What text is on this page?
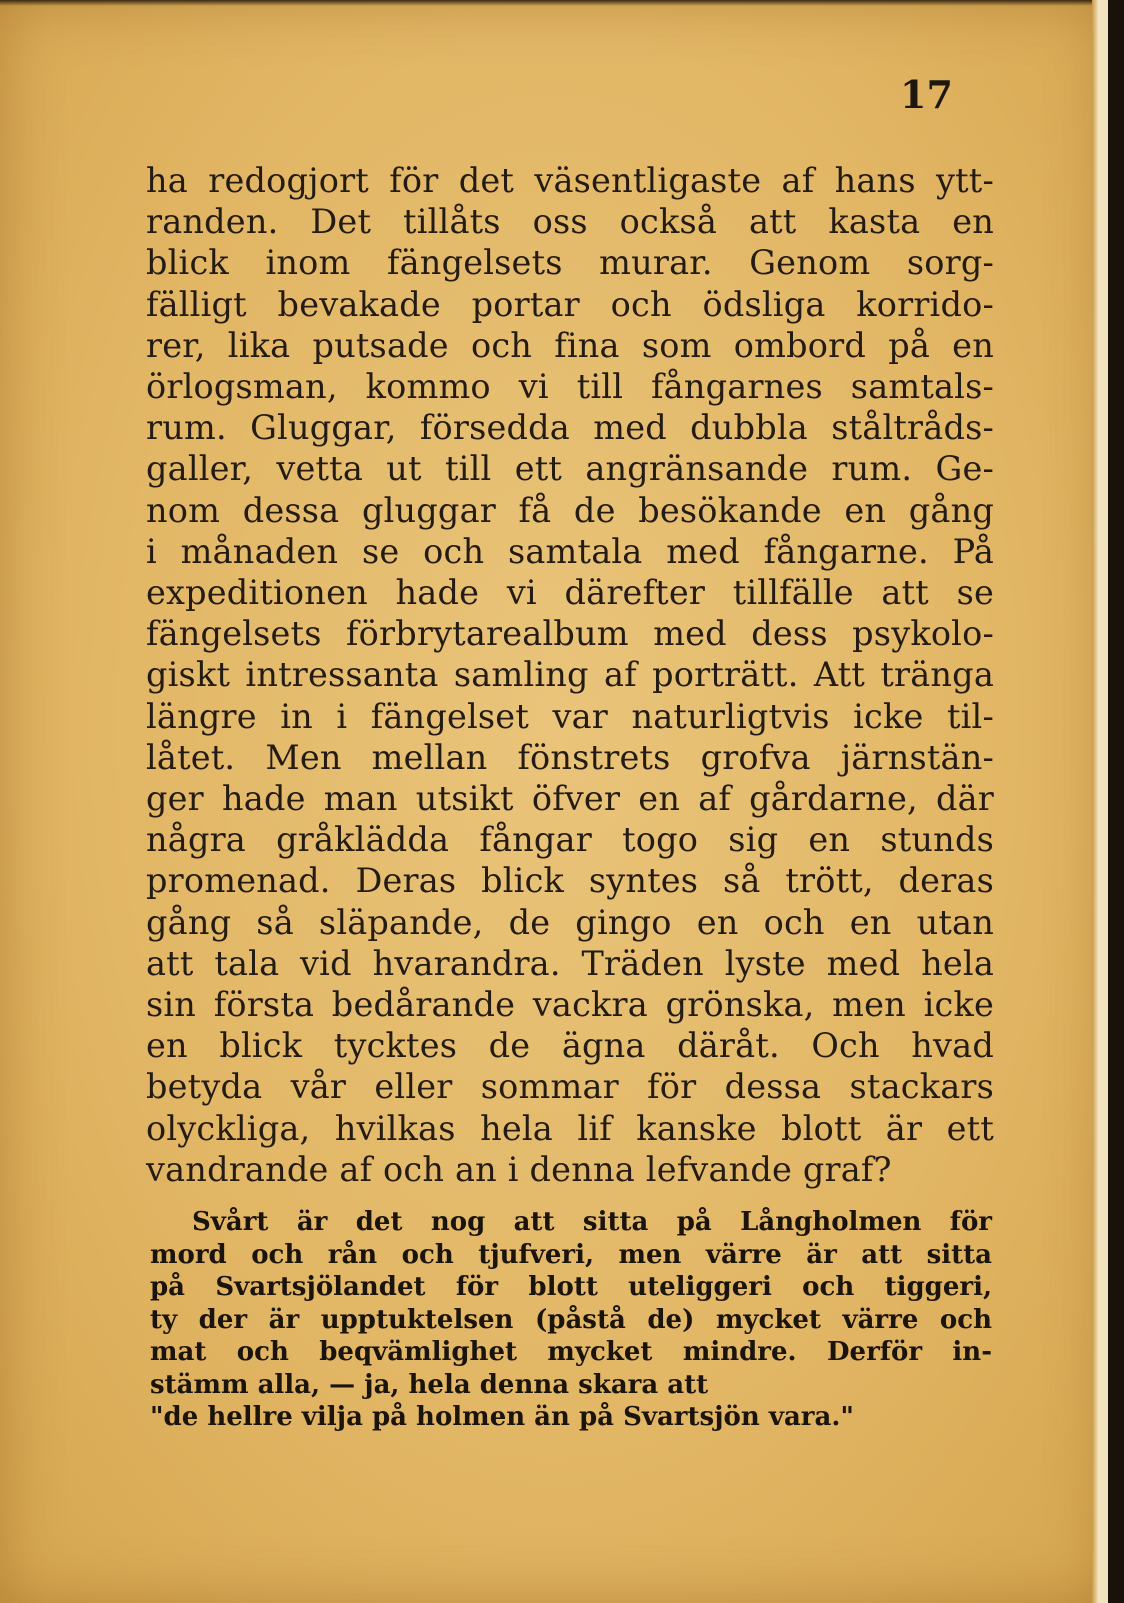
17

ha redogjort för det väsentligaste af hans ytt-
randen. Det tillåts oss också att kasta en
blick inom fängelsets murar. Genom sorg-
fälligt bevakade portar och ödsliga korrido-
rer, lika putsade och fina som ombord på en
örlogsman, kommo vi till fångarnes samtals-
rum. Gluggar, försedda med dubbla ståltråds-
galler, vetta ut till ett angränsande rum. Ge-
nom dessa gluggar få de besökande en gång
i månaden se och samtala med fångarne. På
expeditionen hade vi därefter tillfälle att se
fängelsets förbrytarealbum med dess psykolo-
giskt intressanta samling af porträtt. Att tränga
längre in i fängelset var naturligtvis icke til-
låtet. Men mellan fönstrets grofva järnstän-
ger hade man utsikt öfver en af gårdarne, där
några gråklädda fångar togo sig en stunds
promenad. Deras blick syntes så trött, deras
gång så släpande, de gingo en och en utan
att tala vid hvarandra. Träden lyste med hela
sin första bedårande vackra grönska, men icke
en blick tycktes de ägna däråt. Och hvad
betyda vår eller sommar för dessa stackars
olyckliga, hvilkas hela lif kanske blott är ett
vandrande af och an i denna lefvande graf?
Svårt är det nog att sitta på Långholmen för
mord och rån och tjufveri, men värre är att sitta
på Svartsjölandet för blott uteliggeri och tiggeri,
ty der är upptuktelsen (påstå de) mycket värre och
mat och beqvämlighet mycket mindre. Derför in-
stämm alla, — ja, hela denna skara att
"de hellre vilja på holmen än på Svartsjön vara."
